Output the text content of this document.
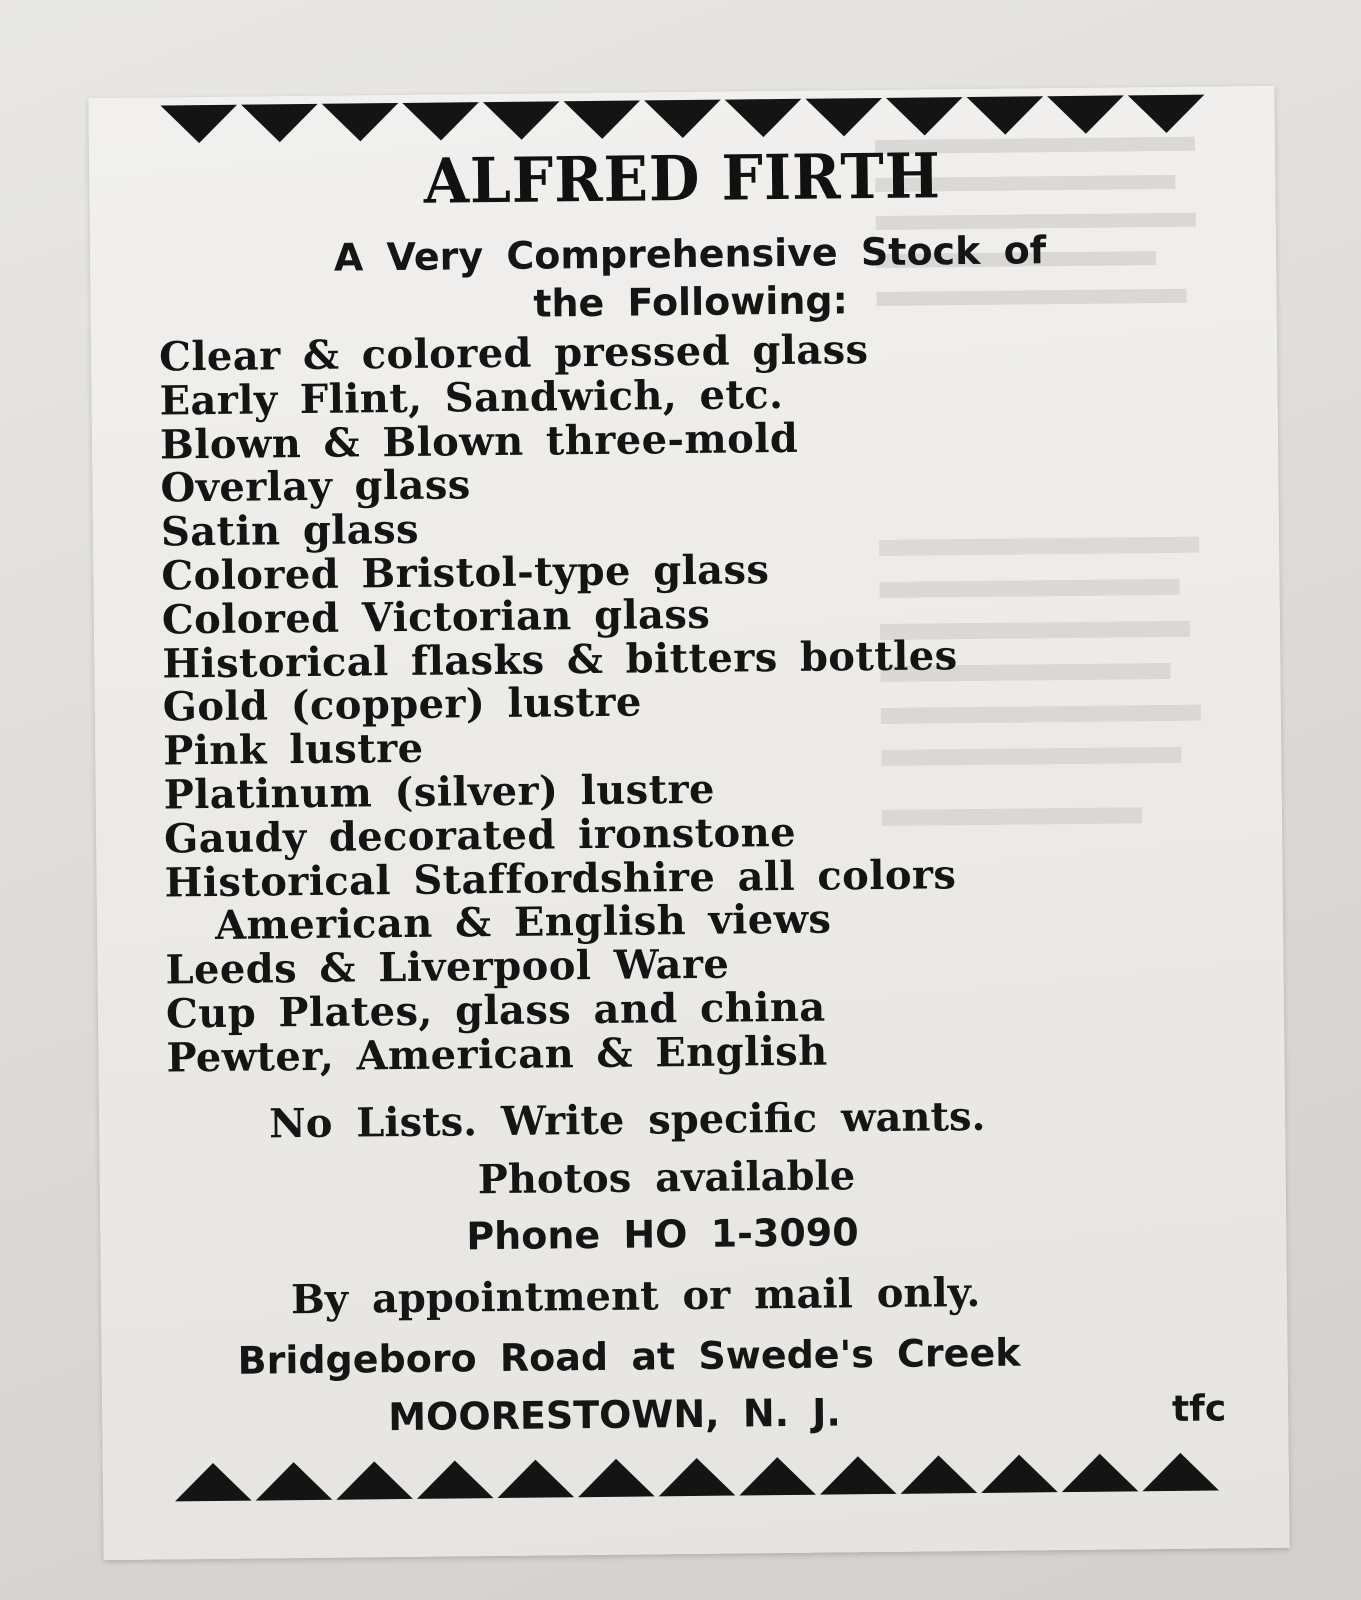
ALFRED FIRTH
A Very Comprehensive Stock of
the Following:
Clear & colored pressed glass
Early Flint, Sandwich, etc.
Blown & Blown three-mold
Overlay glass
Satin glass
Colored Bristol-type glass
Colored Victorian glass
Historical flasks & bitters bottles
Gold (copper) lustre
Pink lustre
Platinum (silver) lustre
Gaudy decorated ironstone
Historical Staffordshire all colors
American & English views
Leeds & Liverpool Ware
Cup Plates, glass and china
Pewter, American & English
No Lists. Write specific wants.
Photos available
Phone HO 1-3090
By appointment or mail only.
Bridgeboro Road at Swede's Creek
MOORESTOWN, N. J.	tfc
